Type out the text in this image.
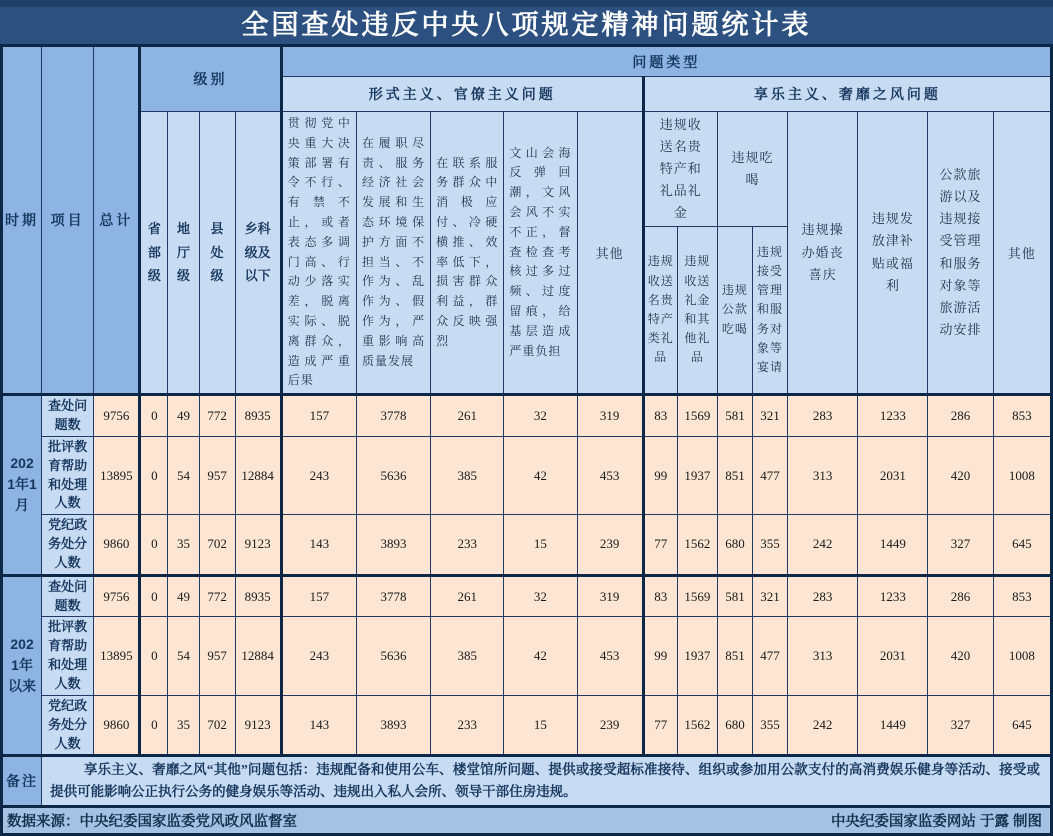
全国查处违反中央八项规定精神问题统计表
时期	项目	总计	级别				问题类型												
							形式主义、官僚主义问题					享乐主义、奢靡之风问题							
			省部级	地厅级	县处级	乡科级及以下	贯彻党中央重大决策部署有令不行、有禁不止，或者表态多调门高、行动少落实差，脱离实际、脱离群众，造成严重后果	在履职尽责、服务经济社会发展和生态环境保护方面不担当、不作为、乱作为、假作为，严重影响高质量发展	在联系服务群众中消极应付、冷硬横推、效率低下，损害群众利益，群众反映强烈	文山会海反弹回潮，文风会风不实不正，督查检查考核过多过频、过度留痕，给基层造成严重负担	其他	违规收送名贵特产和礼品礼金		违规吃喝		违规操办婚丧喜庆	违规发放津补贴或福利	公款旅游以及违规接受管理和服务对象等旅游活动安排	其他
												违规收送名贵特产类礼品	违规收送礼金和其他礼品	违规公款吃喝	违规接受管理和服务对象等宴请				
2021年1月	查处问题数	9756	0	49	772	8935	157	3778	261	32	319	83	1569	581	321	283	1233	286	853
	批评教育帮助和处理人数	13895	0	54	957	12884	243	5636	385	42	453	99	1937	851	477	313	2031	420	1008
	党纪政务处分人数	9860	0	35	702	9123	143	3893	233	15	239	77	1562	680	355	242	1449	327	645
2021年以来	查处问题数	9756	0	49	772	8935	157	3778	261	32	319	83	1569	581	321	283	1233	286	853
	批评教育帮助和处理人数	13895	0	54	957	12884	243	5636	385	42	453	99	1937	851	477	313	2031	420	1008
	党纪政务处分人数	9860	0	35	702	9123	143	3893	233	15	239	77	1562	680	355	242	1449	327	645
备注	享乐主义、奢靡之风“其他”问题包括：违规配备和使用公车、楼堂馆所问题、提供或接受超标准接待、组织或参加用公款支付的高消费娱乐健身等活动、接受或提供可能影响公正执行公务的健身娱乐等活动、违规出入私人会所、领导干部住房违规。																		

数据来源：中央纪委国家监委党风政风监督室 中央纪委国家监委网站 于露 制图																			
